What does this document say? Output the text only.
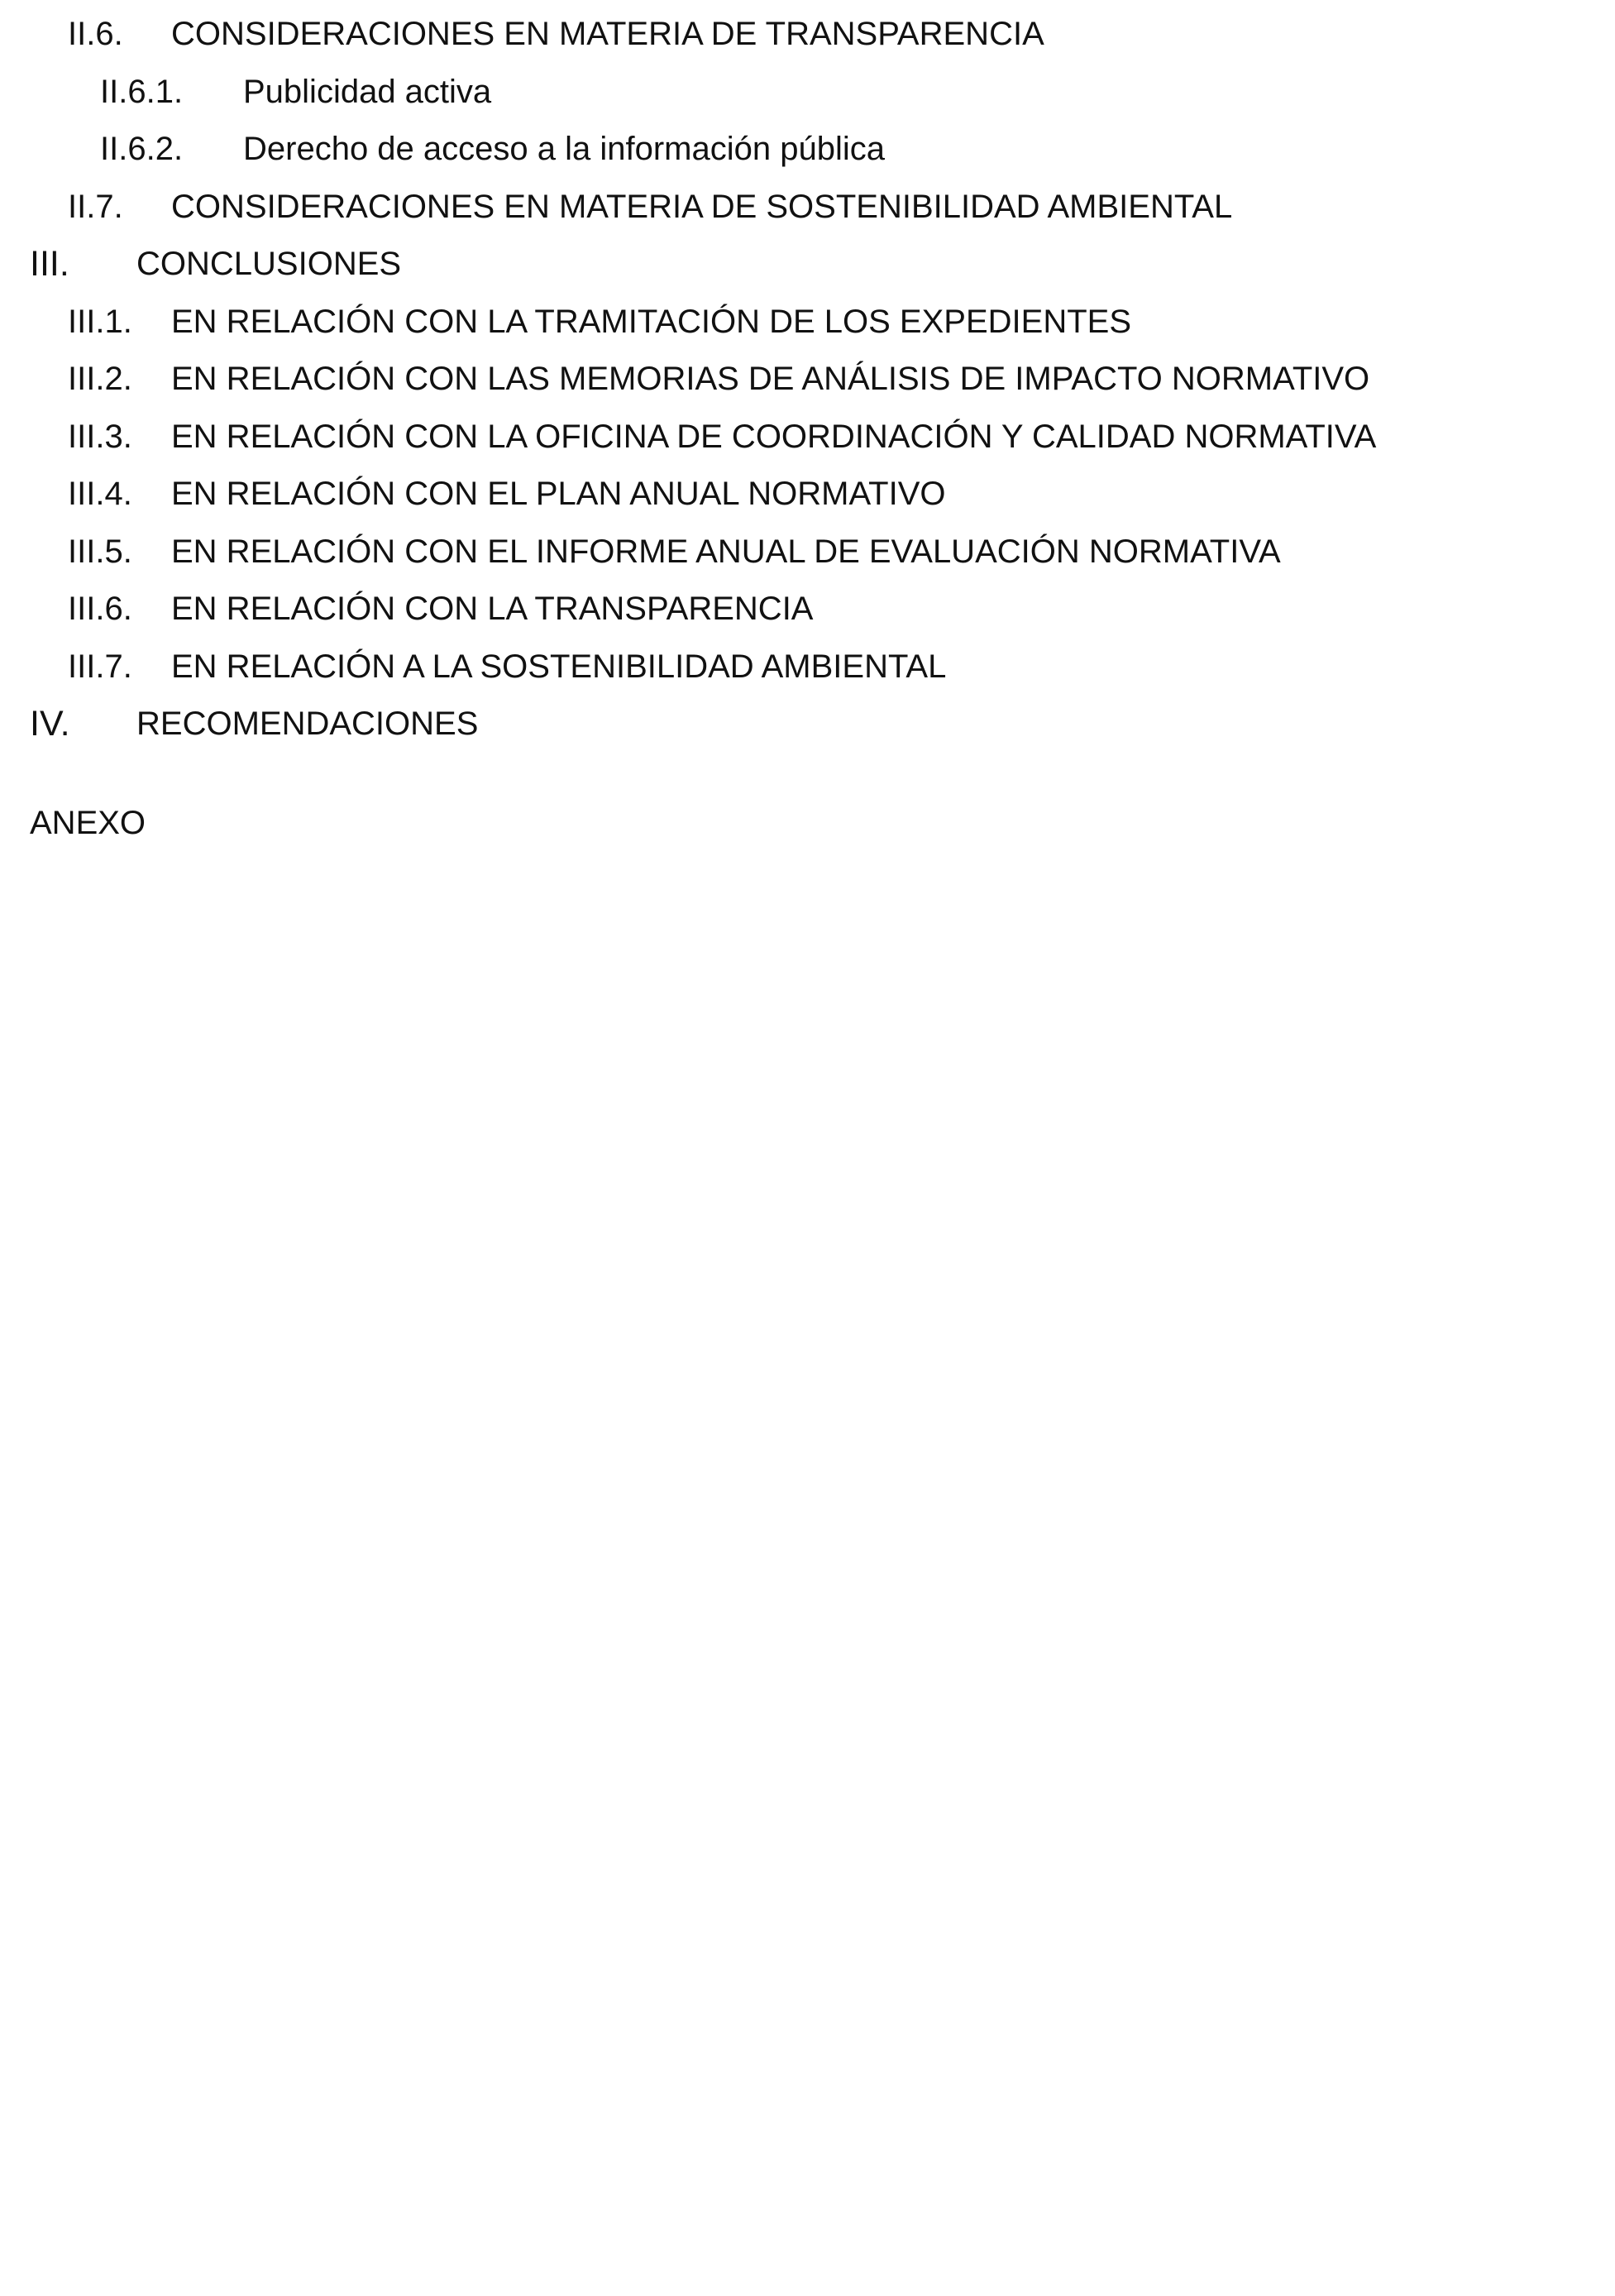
II.6. CONSIDERACIONES EN MATERIA DE TRANSPARENCIA
II.6.1. Publicidad activa
II.6.2. Derecho de acceso a la información pública
II.7. CONSIDERACIONES EN MATERIA DE SOSTENIBILIDAD AMBIENTAL
III. CONCLUSIONES
III.1. EN RELACIÓN CON LA TRAMITACIÓN DE LOS EXPEDIENTES
III.2. EN RELACIÓN CON LAS MEMORIAS DE ANÁLISIS DE IMPACTO NORMATIVO
III.3. EN RELACIÓN CON LA OFICINA DE COORDINACIÓN Y CALIDAD NORMATIVA
III.4. EN RELACIÓN CON EL PLAN ANUAL NORMATIVO
III.5. EN RELACIÓN CON EL INFORME ANUAL DE EVALUACIÓN NORMATIVA
III.6. EN RELACIÓN CON LA TRANSPARENCIA
III.7. EN RELACIÓN A LA SOSTENIBILIDAD AMBIENTAL
IV. RECOMENDACIONES
ANEXO
